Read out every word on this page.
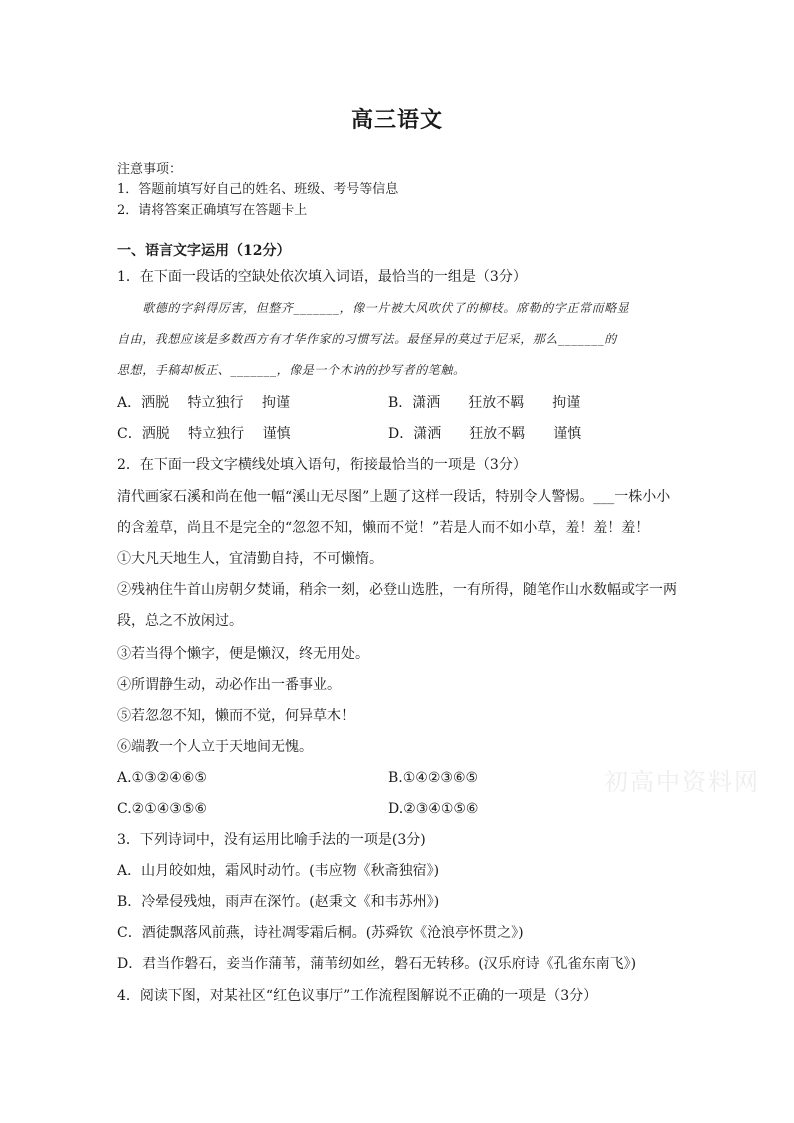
高三语文
注意事项：
1．答题前填写好自己的姓名、班级、考号等信息
2．请将答案正确填写在答题卡上
一、语言文字运用（12分）
1．在下面一段话的空缺处依次填入词语，最恰当的一组是（3分）
　　歌德的字斜得厉害，但整齐_______，像一片被大风吹伏了的柳枝。席勒的字正常而略显
自由，我想应该是多数西方有才华作家的习惯写法。最怪异的莫过于尼采，那么_______的
思想，手稿却板正、_______，像是一个木讷的抄写者的笔触。
A．洒脱　 特立独行　 拘谨	B．潇洒　　狂放不羁　　拘谨
C．洒脱　 特立独行　 谨慎	D．潇洒　　狂放不羁　　谨慎
2．在下面一段文字横线处填入语句，衔接最恰当的一项是（3分）
清代画家石溪和尚在他一幅“溪山无尽图”上题了这样一段话，特别令人警惕。___一株小小
的含羞草，尚且不是完全的“忽忽不知，懒而不觉！”若是人而不如小草，羞！羞！羞！
①大凡天地生人，宜清勤自持，不可懒惰。
②残衲住牛首山房朝夕焚诵，稍余一刻，必登山选胜，一有所得，随笔作山水数幅或字一两
段，总之不放闲过。
③若当得个懒字，便是懒汉，终无用处。
④所谓静生动，动必作出一番事业。
⑤若忽忽不知，懒而不觉，何异草木！
⑥端教一个人立于天地间无愧。
A.①③②④⑥⑤	B.①④②③⑥⑤
C.②①④③⑤⑥	D.②③④①⑤⑥
3．下列诗词中，没有运用比喻手法的一项是(3分)
A．山月皎如烛，霜风时动竹。(韦应物《秋斋独宿》)
B．冷晕侵残烛，雨声在深竹。(赵秉文《和韦苏州》)
C．酒徒飘落风前燕，诗社凋零霜后桐。(苏舜钦《沧浪亭怀贯之》)
D．君当作磐石，妾当作蒲苇，蒲苇纫如丝，磐石无转移。(汉乐府诗《孔雀东南飞》)
4．阅读下图，对某社区“红色议事厅”工作流程图解说不正确的一项是（3分）
初高中资料网
